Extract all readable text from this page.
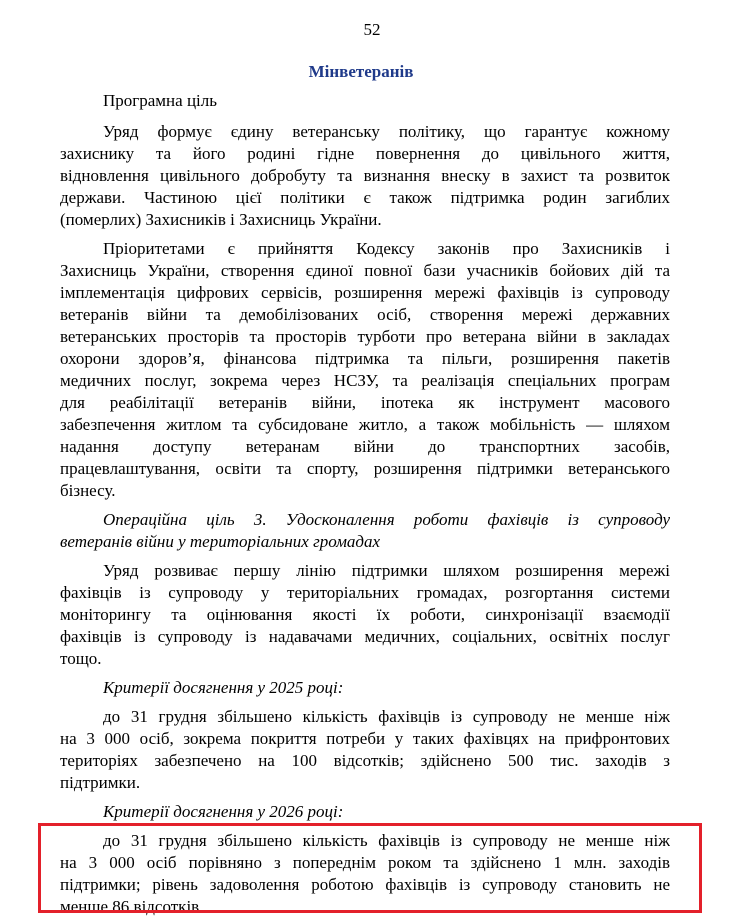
52
Мінветеранів
Програмна ціль
Уряд формує єдину ветеранську політику, що гарантує кожному
захиснику та його родині гідне повернення до цивільного життя,
відновлення цивільного добробуту та визнання внеску в захист та розвиток
держави. Частиною цієї політики є також підтримка родин загиблих
(померлих) Захисників і Захисниць України.
Пріоритетами є прийняття Кодексу законів про Захисників і
Захисниць України, створення єдиної повної бази учасників бойових дій та
імплементація цифрових сервісів, розширення мережі фахівців із супроводу
ветеранів війни та демобілізованих осіб, створення мережі державних
ветеранських просторів та просторів турботи про ветерана війни в закладах
охорони здоров’я, фінансова підтримка та пільги, розширення пакетів
медичних послуг, зокрема через НСЗУ, та реалізація спеціальних програм
для реабілітації ветеранів війни, іпотека як інструмент масового
забезпечення житлом та субсидоване житло, а також мобільність — шляхом
надання доступу ветеранам війни до транспортних засобів,
працевлаштування, освіти та спорту, розширення підтримки ветеранського
бізнесу.
Операційна ціль 3. Удосконалення роботи фахівців із супроводу
ветеранів війни у територіальних громадах
Уряд розвиває першу лінію підтримки шляхом розширення мережі
фахівців із супроводу у територіальних громадах, розгортання системи
моніторингу та оцінювання якості їх роботи, синхронізації взаємодії
фахівців із супроводу із надавачами медичних, соціальних, освітніх послуг
тощо.
Критерії досягнення у 2025 році:
до 31 грудня збільшено кількість фахівців із супроводу не менше ніж
на 3 000 осіб, зокрема покриття потреби у таких фахівцях на прифронтових
територіях забезпечено на 100 відсотків; здійснено 500 тис. заходів з
підтримки.
Критерії досягнення у 2026 році:
до 31 грудня збільшено кількість фахівців із супроводу не менше ніж
на 3 000 осіб порівняно з попереднім роком та здійснено 1 млн. заходів
підтримки; рівень задоволення роботою фахівців із супроводу становить не
менше 86 відсотків.
